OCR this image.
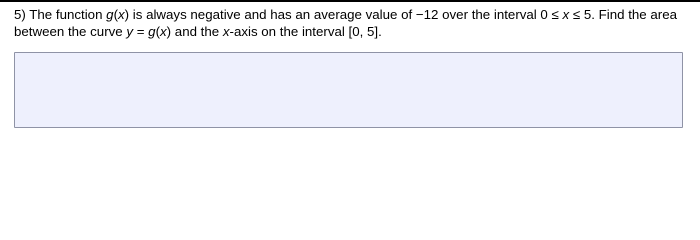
5) The function g(x) is always negative and has an average value of −12 over the interval 0 ≤ x ≤ 5. Find the area between the curve y = g(x) and the x-axis on the interval [0, 5].
